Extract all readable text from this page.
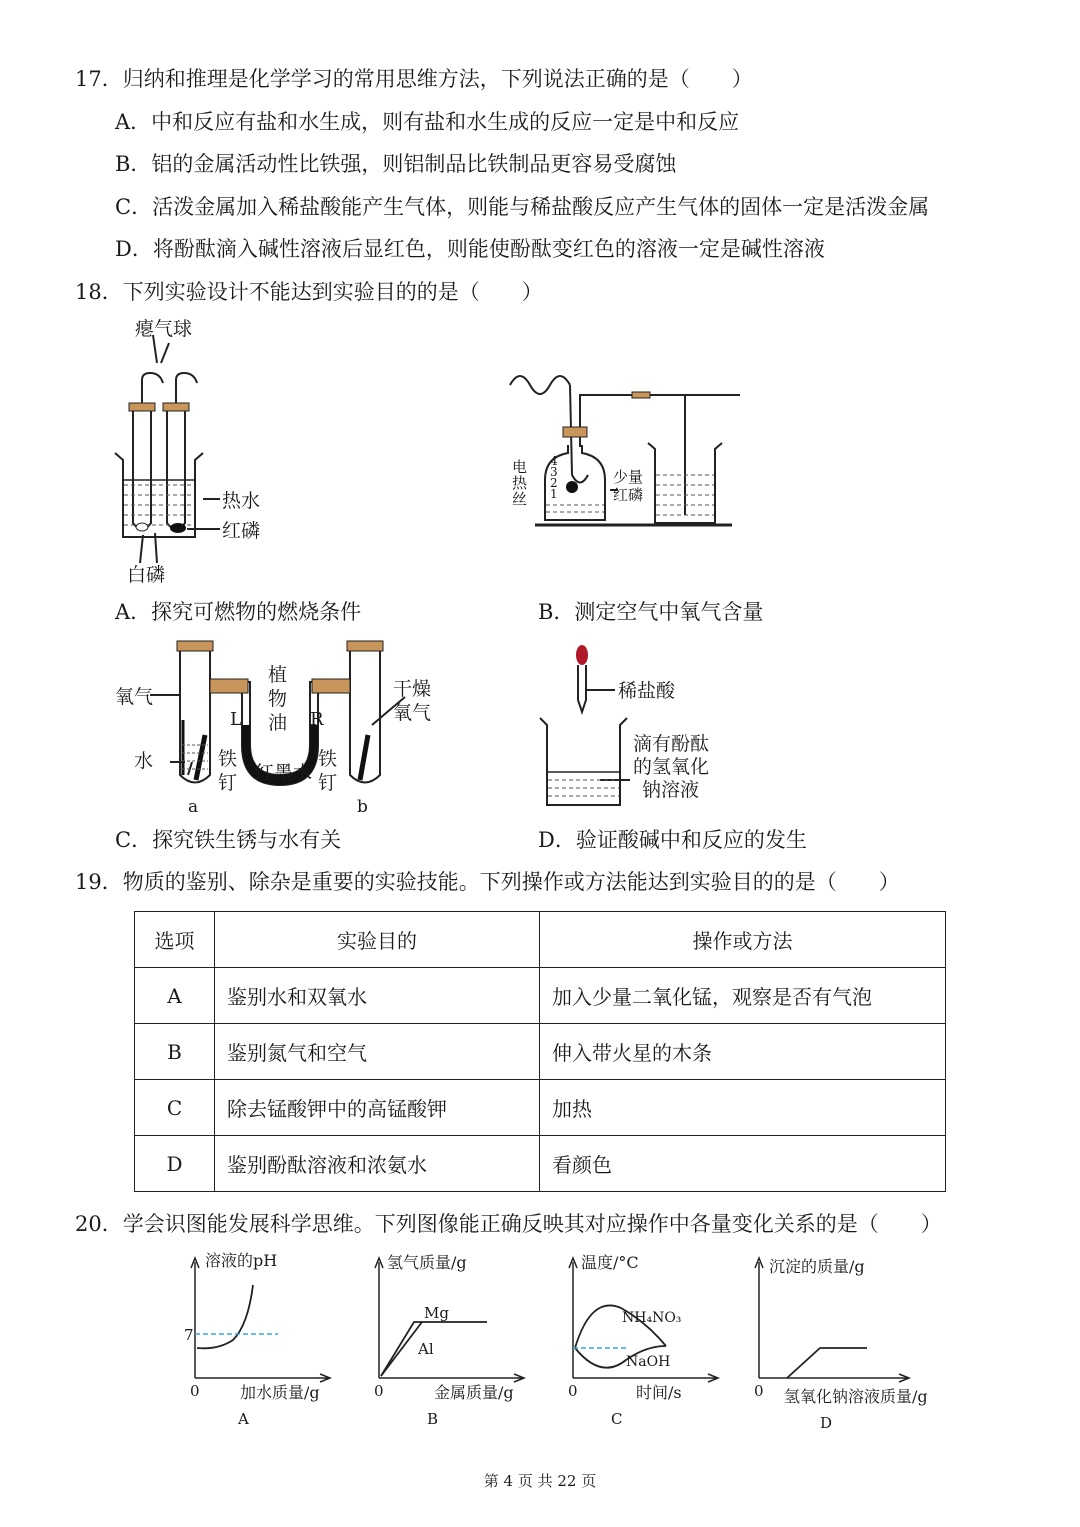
17．归纳和推理是化学学习的常用思维方法，下列说法正确的是（　　）
A．中和反应有盐和水生成，则有盐和水生成的反应一定是中和反应
B．铝的金属活动性比铁强，则铝制品比铁制品更容易受腐蚀
C．活泼金属加入稀盐酸能产生气体，则能与稀盐酸反应产生气体的固体一定是活泼金属
D．将酚酞滴入碱性溶液后显红色，则能使酚酞变红色的溶液一定是碱性溶液
18．下列实验设计不能达到实验目的的是（　　）
瘪气球
热水
红磷
白磷
A．探究可燃物的燃烧条件
电
热
丝
4
3
2
1
少量
红磷
B．测定空气中氧气含量
氧气
水	铁
钉
植
物
油
L	R
红墨水
铁
钉
干燥
氧气
a	b
C．探究铁生锈与水有关
稀盐酸
滴有酚酞
的氢氧化
钠溶液
D．验证酸碱中和反应的发生
19．物质的鉴别、除杂是重要的实验技能。下列操作或方法能达到实验目的的是（　　）
选项	实验目的	操作或方法
A	鉴别水和双氧水	加入少量二氧化锰，观察是否有气泡
B	鉴别氮气和空气	伸入带火星的木条
C	除去锰酸钾中的高锰酸钾	加热
D	鉴别酚酞溶液和浓氨水	看颜色
20．学会识图能发展科学思维。下列图像能正确反映其对应操作中各量变化关系的是（　　）
溶液的pH
7
0	加水质量/g
A
氢气质量/g
Mg
Al
0	金属质量/g
B
温度/°C
NH₄NO₃
NaOH
0	时间/s
C
沉淀的质量/g
0 氢氧化钠溶液质量/g
D
第 4 页 共 22 页
